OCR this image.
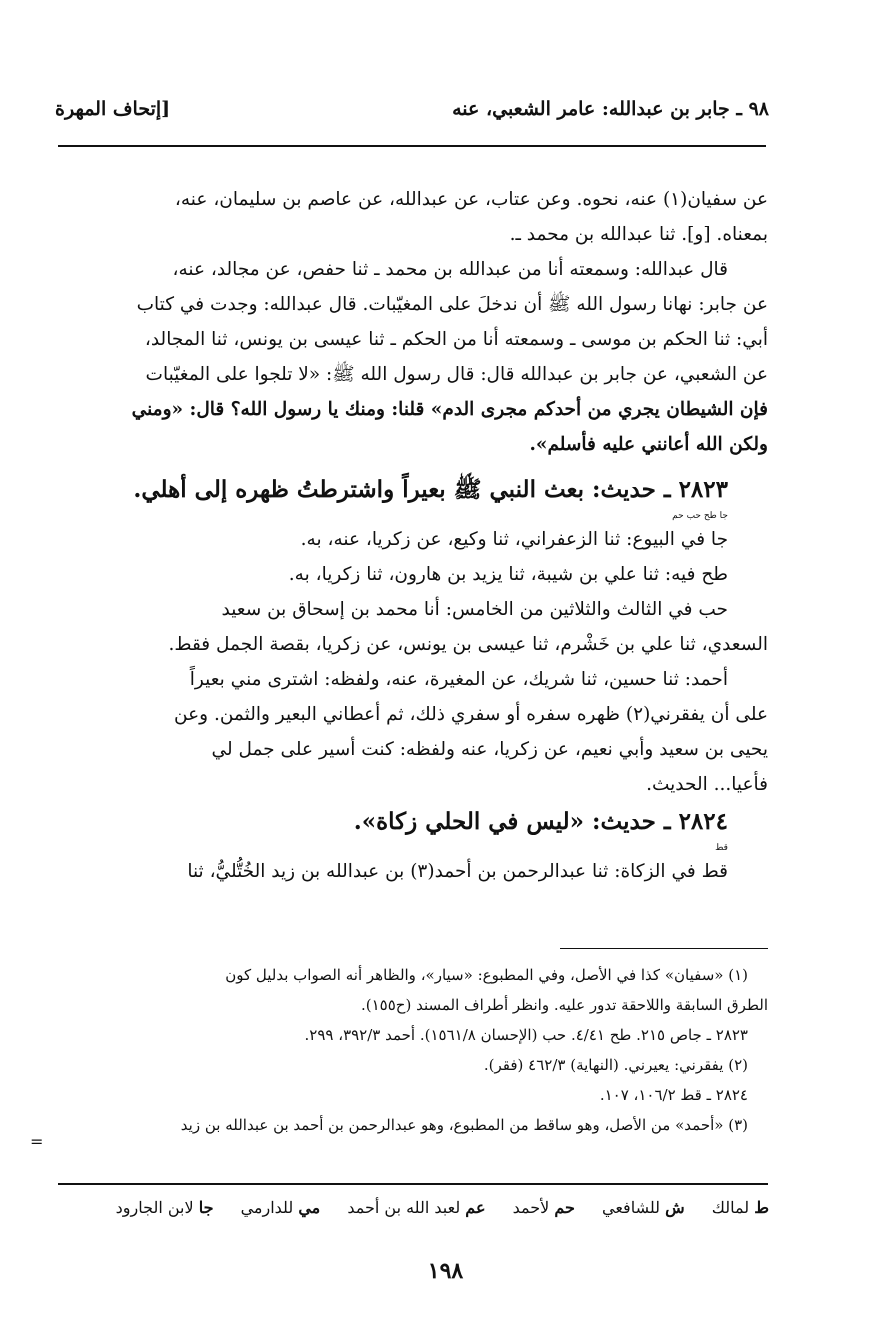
٩٨ ـ جابر بن عبدالله: عامر الشعبي، عنه
[إتحاف المهرة
عن سفيان(١) عنه، نحوه. وعن عتاب، عن عبدالله، عن عاصم بن سليمان، عنه،
بمعناه. [و]. ثنا عبدالله بن محمد ـ.
قال عبدالله: وسمعته أنا من عبدالله بن محمد ـ ثنا حفص، عن مجالد، عنه،
عن جابر: نهانا رسول الله ﷺ أن ندخلَ على المغيّبات. قال عبدالله: وجدت في كتاب
أبي: ثنا الحكم بن موسى ـ وسمعته أنا من الحكم ـ ثنا عيسى بن يونس، ثنا المجالد،
عن الشعبي، عن جابر بن عبدالله قال: قال رسول الله ﷺ: «لا تلجوا على المغيّبات
فإن الشيطان يجري من أحدكم مجرى الدم» قلنا: ومنك يا رسول الله؟ قال: «ومني
ولكن الله أعانني عليه فأسلم».
٢٨٢٣ ـ حديث: بعث النبي ﷺ بعيراً واشترطتُ ظهره إلى أهلي.
جا طح حب حم
جا في البيوع: ثنا الزعفراني، ثنا وكيع، عن زكريا، عنه، به.
طح فيه: ثنا علي بن شيبة، ثنا يزيد بن هارون، ثنا زكريا، به.
حب في الثالث والثلاثين من الخامس: أنا محمد بن إسحاق بن سعيد
السعدي، ثنا علي بن خَشْرم، ثنا عيسى بن يونس، عن زكريا، بقصة الجمل فقط.
أحمد: ثنا حسين، ثنا شريك، عن المغيرة، عنه، ولفظه: اشترى مني بعيراً
على أن يفقرني(٢) ظهره سفره أو سفري ذلك، ثم أعطاني البعير والثمن. وعن
يحيى بن سعيد وأبي نعيم، عن زكريا، عنه ولفظه: كنت أسير على جمل لي
فأعيا... الحديث.
٢٨٢٤ ـ حديث: «ليس في الحلي زكاة».
قط
قط في الزكاة: ثنا عبدالرحمن بن أحمد(٣) بن عبدالله بن زيد الخُتُّليُّ، ثنا
(١) «سفيان» كذا في الأصل، وفي المطبوع: «سيار»، والظاهر أنه الصواب بدليل كون
الطرق السابقة واللاحقة تدور عليه. وانظر أطراف المسند (ح١٥٥).
٢٨٢٣ ـ جاص ٢١٥. طح ٤/٤١. حب (الإحسان ١٥٦١/٨). أحمد ٣٩٢/٣، ٢٩٩.
(٢) يفقرني: يعيرني. (النهاية) ٤٦٢/٣ (فقر).
٢٨٢٤ ـ قط ١٠٦/٢، ١٠٧.
(٣) «أحمد» من الأصل، وهو ساقط من المطبوع، وهو عبدالرحمن بن أحمد بن عبدالله بن زيد
=
ط لمالك ش للشافعي حم لأحمد عم لعبد الله بن أحمد مي للدارمي جا لابن الجارود
١٩٨
